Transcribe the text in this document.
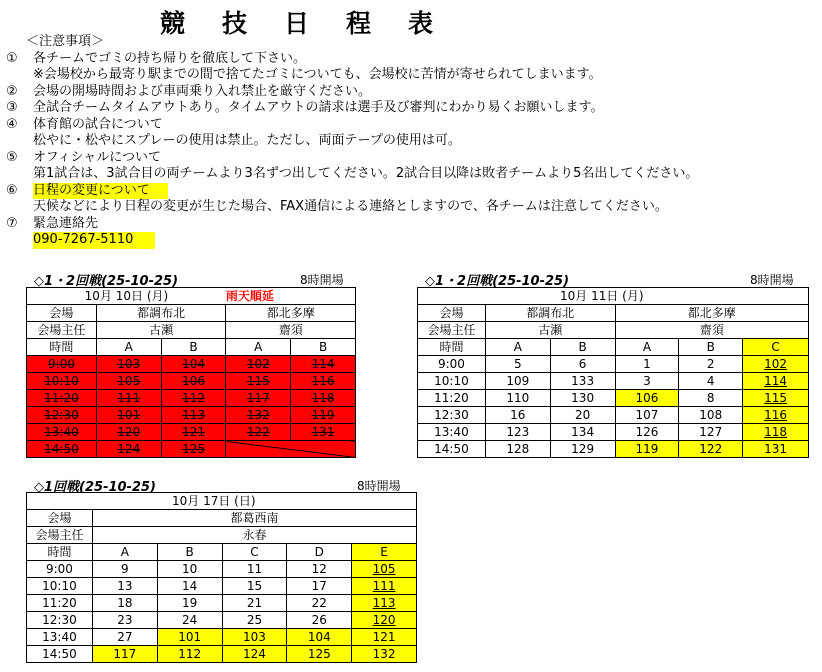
競 技 日 程 表
＜注意事項＞
①	各チームでゴミの持ち帰りを徹底して下さい。
※会場校から最寄り駅までの間で捨てたゴミについても、会場校に苦情が寄せられてしまいます。
②	会場の開場時間および車両乗り入れ禁止を厳守ください。
③	全試合チームタイムアウトあり。タイムアウトの請求は選手及び審判にわかり易くお願いします。
④	体育館の試合について
松やに・松やにスプレーの使用は禁止。ただし、両面テープの使用は可。
⑤	オフィシャルについて
第1試合は、3試合目の両チームより3名ずつ出してください。2試合目以降は敗者チームより5名出してください。
⑥	日程の変更について
天候などにより日程の変更が生じた場合、FAX通信による連絡としますので、各チームは注意してください。
⑦	緊急連絡先
090-7267-5110
◇1・2回戦(25-10-25)	8時開場
10月 10日 (月)			雨天順延	
会場	都調布北		都北多摩	
会場主任	古瀬		齋須	
時間	A	B	A	B
9:00	103	104	102	114
10:10	105	106	115	116
11:20	111	112	117	118
12:30	101	113	132	119
13:40	120	121	122	131
14:50	124	125		
◇1・2回戦(25-10-25)	8時開場
10月 11日 (月)					
会場	都調布北		都北多摩		
会場主任	古瀬		齋須		
時間	A	B	A	B	C
9:00	5	6	1	2	102
10:10	109	133	3	4	114
11:20	110	130	106	8	115
12:30	16	20	107	108	116
13:40	123	134	126	127	118
14:50	128	129	119	122	131
◇1回戦(25-10-25)	8時開場
10月 17日 (日)					
会場	都葛西南				
会場主任	永春				
時間	A	B	C	D	E
9:00	9	10	11	12	105
10:10	13	14	15	17	111
11:20	18	19	21	22	113
12:30	23	24	25	26	120
13:40	27	101	103	104	121
14:50	117	112	124	125	132
